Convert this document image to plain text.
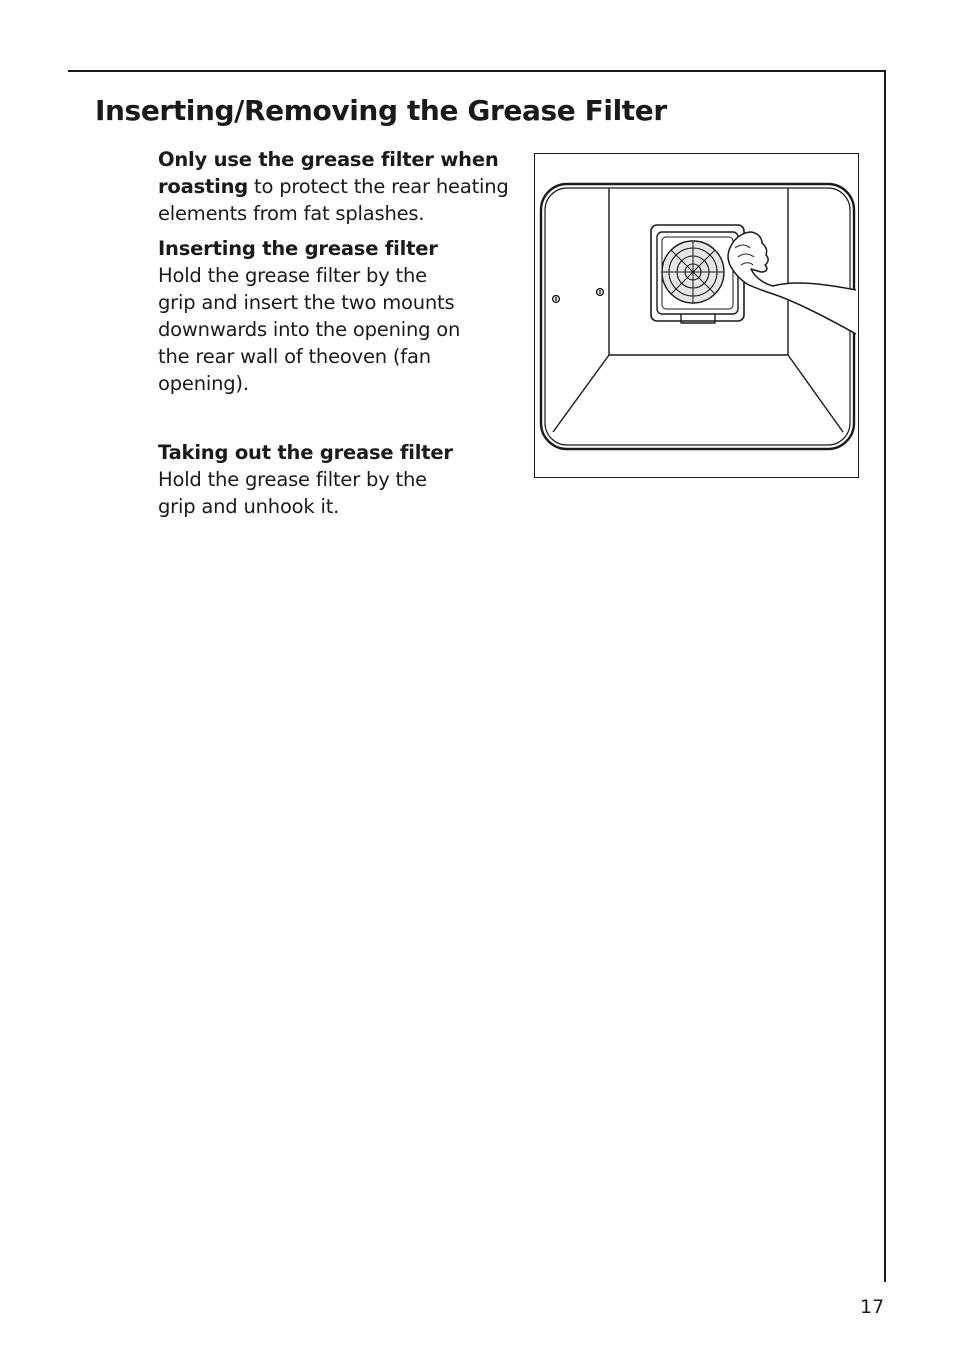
Inserting/Removing the Grease Filter

Only use the grease filter when roasting to protect the rear heating elements from fat splashes.

Inserting the grease filter

Hold the grease filter by the

grip and insert the two mounts

downwards into the opening on

the rear wall of theoven (fan

opening).

Taking out the grease filter

Hold the grease filter by the

grip and unhook it.

17
